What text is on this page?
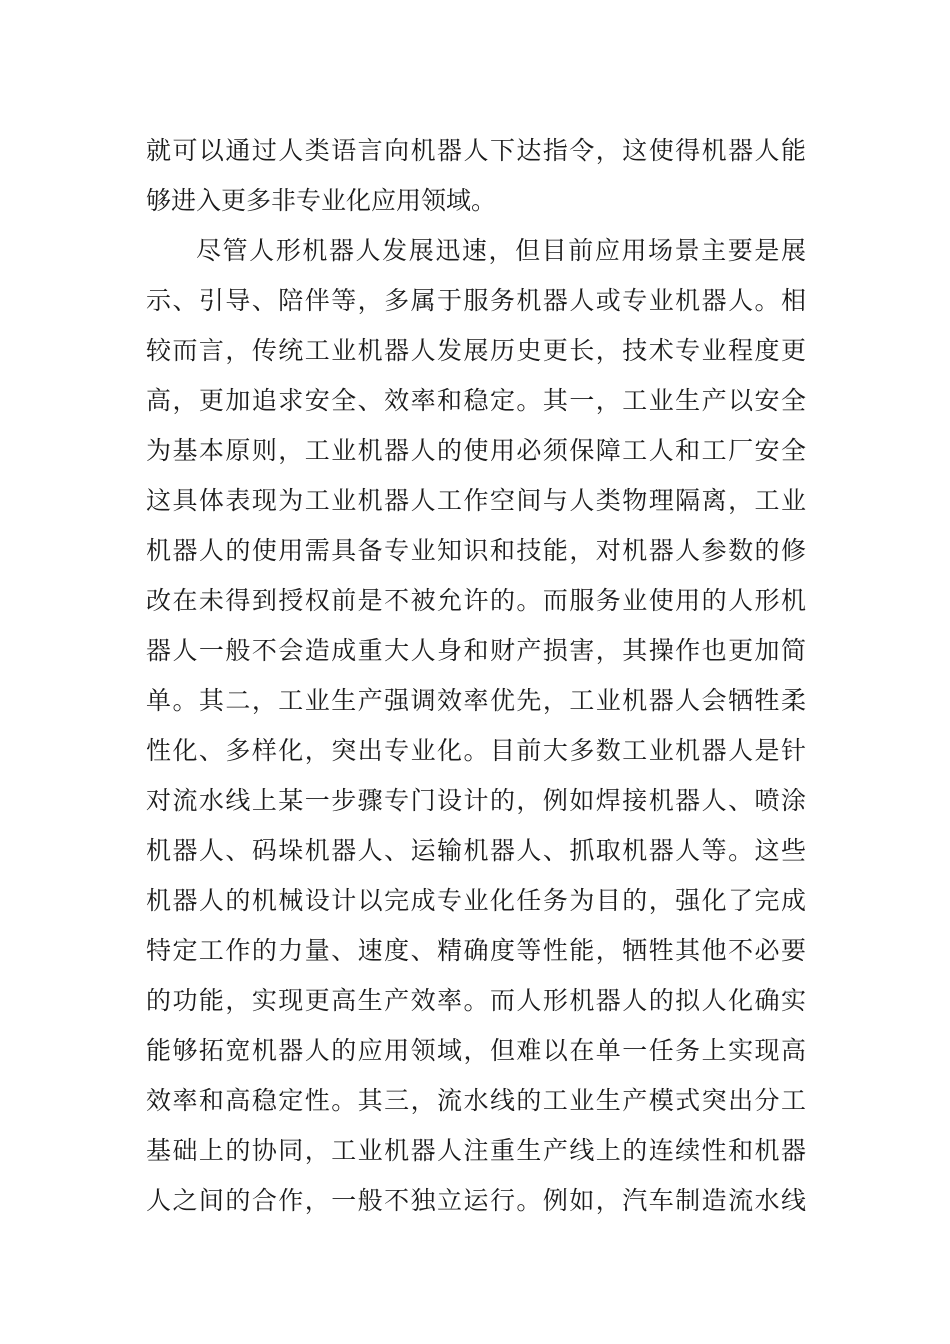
就可以通过人类语言向机器人下达指令，这使得机器人能
够进入更多非专业化应用领域。
尽管人形机器人发展迅速，但目前应用场景主要是展
示、引导、陪伴等，多属于服务机器人或专业机器人。相
较而言，传统工业机器人发展历史更长，技术专业程度更
高，更加追求安全、效率和稳定。其一，工业生产以安全
为基本原则，工业机器人的使用必须保障工人和工厂安全
这具体表现为工业机器人工作空间与人类物理隔离，工业
机器人的使用需具备专业知识和技能，对机器人参数的修
改在未得到授权前是不被允许的。而服务业使用的人形机
器人一般不会造成重大人身和财产损害，其操作也更加简
单。其二，工业生产强调效率优先，工业机器人会牺牲柔
性化、多样化，突出专业化。目前大多数工业机器人是针
对流水线上某一步骤专门设计的，例如焊接机器人、喷涂
机器人、码垛机器人、运输机器人、抓取机器人等。这些
机器人的机械设计以完成专业化任务为目的，强化了完成
特定工作的力量、速度、精确度等性能，牺牲其他不必要
的功能，实现更高生产效率。而人形机器人的拟人化确实
能够拓宽机器人的应用领域，但难以在单一任务上实现高
效率和高稳定性。其三，流水线的工业生产模式突出分工
基础上的协同，工业机器人注重生产线上的连续性和机器
人之间的合作，一般不独立运行。例如，汽车制造流水线
